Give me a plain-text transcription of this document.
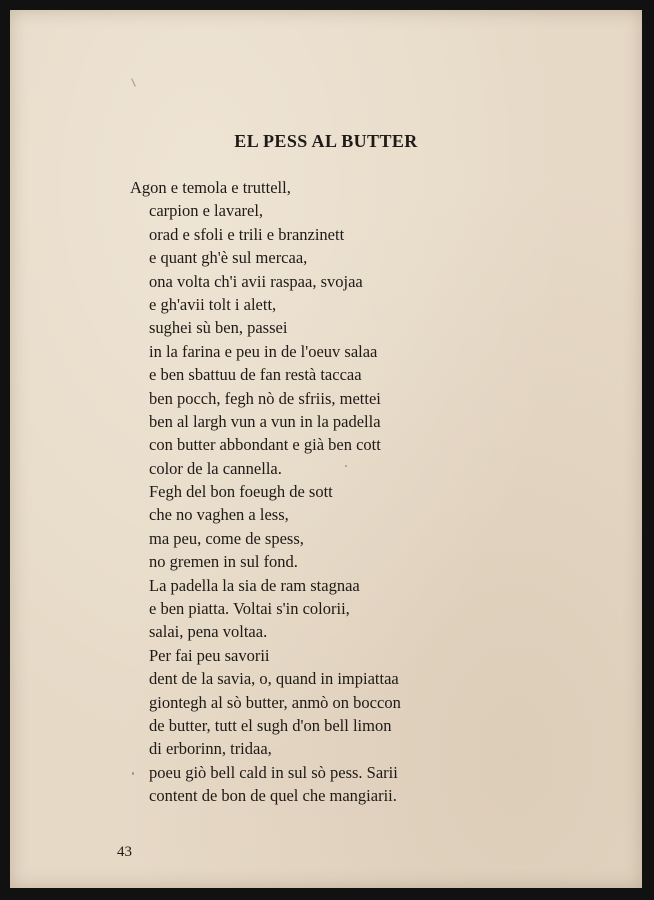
EL PESS AL BUTTER
Agon e temola e truttell,
carpion e lavarel,
orad e sfoli e trili e branzinett
e quant gh'è sul mercaa,
ona volta ch'i avii raspaa, svojaa
e gh'avii tolt i alett,
sughei sù ben, passei
in la farina e peu in de l'oeuv salaa
e ben sbattuu de fan restà taccaa
ben pocch, fegh nò de sfriis, mettei
ben al largh vun a vun in la padella
con butter abbondant e già ben cott
color de la cannella.
Fegh del bon foeugh de sott
che no vaghen a less,
ma peu, come de spess,
no gremen in sul fond.
La padella la sia de ram stagnaa
e ben piatta. Voltai s'in colorii,
salai, pena voltaa.
Per fai peu savorii
dent de la savia, o, quand in impiattaa
giontegh al sò butter, anmò on boccon
de butter, tutt el sugh d'on bell limon
di erborinn, tridaa,
poeu giò bell cald in sul sò pess. Sarii
content de bon de quel che mangiarii.
43
